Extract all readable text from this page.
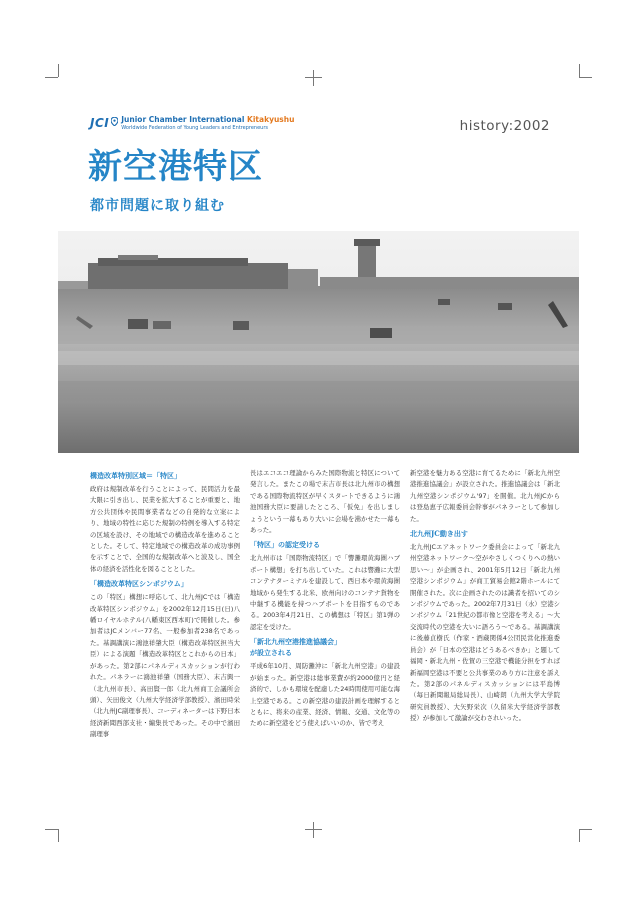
JCI Junior Chamber International Kitakyushu
Worldwide Federation of Young Leaders and Entrepreneurs	history:2002
新空港特区
都市問題に取り組む
構造改革特別区域＝「特区」

政府は規制改革を行うことによって、民間活力を最大限に引き出し、民業を拡大することが重要と、地方公共団体や民間事業者などの自発的な立案により、地域の特性に応じた規制の特例を導入する特定の区域を設け、その地域での構造改革を進めることとした。そして、特定地域での構造改革の成功事例を示すことで、全国的な規制改革へと波及し、国全体の経済を活性化を図ることとした。

「構造改革特区シンポジウム」

この「特区」構想に呼応して、北九州JCでは「構造改革特区シンポジウム」を2002年12月15日(日)八幡ロイヤルホテル(八幡東区西本町)で開催した。参加者はJCメンバー77名、一般参加者238名であった。基調講演に鴻池祥肇大臣（構造改革特区担当大臣）による演題「構造改革特区とこれからの日本」があった。第2部にパネルディスカッションが行われた。パネラーに鴻池祥肇（国務大臣）、末吉興一（北九州市長）、高田賢一郎（北九州商工会議所会頭）、矢田俊文（九州大学経済学部教授）、濱田時栄（北九州JC副理事長）、コーディネーターは下野日本経済新聞西部支社・編集長であった。その中で濱田副理事

長はエコエコ理論からみた国際物流と特区について発言した。またこの場で末吉市長は北九州市の構想である国際物流特区が早くスタートできるように鴻池国務大臣に要請したところ、「仮免」を出しましょうという一幕もあり大いに会場を沸かせた一幕もあった。

「特区」の認定受ける

北九州市は「国際物流特区」で「響灘環黄海圏ハブポート構想」を打ち出していた。これは響灘に大型コンテナターミナルを建設して、西日本や環黄海圏地域から発生する北米、欧州向けのコンテナ貨物を中継する機能を持つハブポートを目指すものである。2003年4月21日、この構想は「特区」第1弾の認定を受けた。

「新北九州空港推進協議会」
が設立される

平成6年10月、周防灘沖に「新北九州空港」の建設が始まった。新空港は総事業費が約2000億円と経済的で、しかも環境を配慮した24時間使用可能な海上空港である。この新空港の建設計画を理解するとともに、将来の産業、経済、情報、交通、文化等のために新空港をどう使えばいいのか、皆で考え

新空港を魅力ある空港に育てるために「新北九州空港推進協議会」が設立された。推進協議会は「新北九州空港シンポジウム'97」を開催。北九州JCからは登島恵子広報委員会幹事がパネラーとして参加した。

北九州JC動き出す

北九州JCエアネットワーク委員会によって「新北九州空港ネットワーク〜空がやさしくつくりへの熱い思い〜」が企画され、2001年5月12日「新北九州空港シンポジウム」が商工貿易会館2階ホールにて開催された。次に企画されたのは識者を招いてのシンポジウムであった。2002年7月31日（水）空港シンポジウム「21世紀の都市像と空港を考える」〜大交流時代の空港を大いに語ろう〜である。基調講演に後藤貞樹氏（作家・酒蔵関係4公団民営化推進委員会）が「日本の空港はどうあるべきか」と題して福岡・新北九州・佐賀の三空港で機能分担をすれば新福岡空港は不要と公共事業のあり方に注意を訴えた。第2部のパネルディスカッションには平島博（毎日新聞報局総局長）、山崎朗（九州大学大学院研究員教授）、大矢野栄次（久留米大学経済学部教授）が参加して激論が交わされいった。
